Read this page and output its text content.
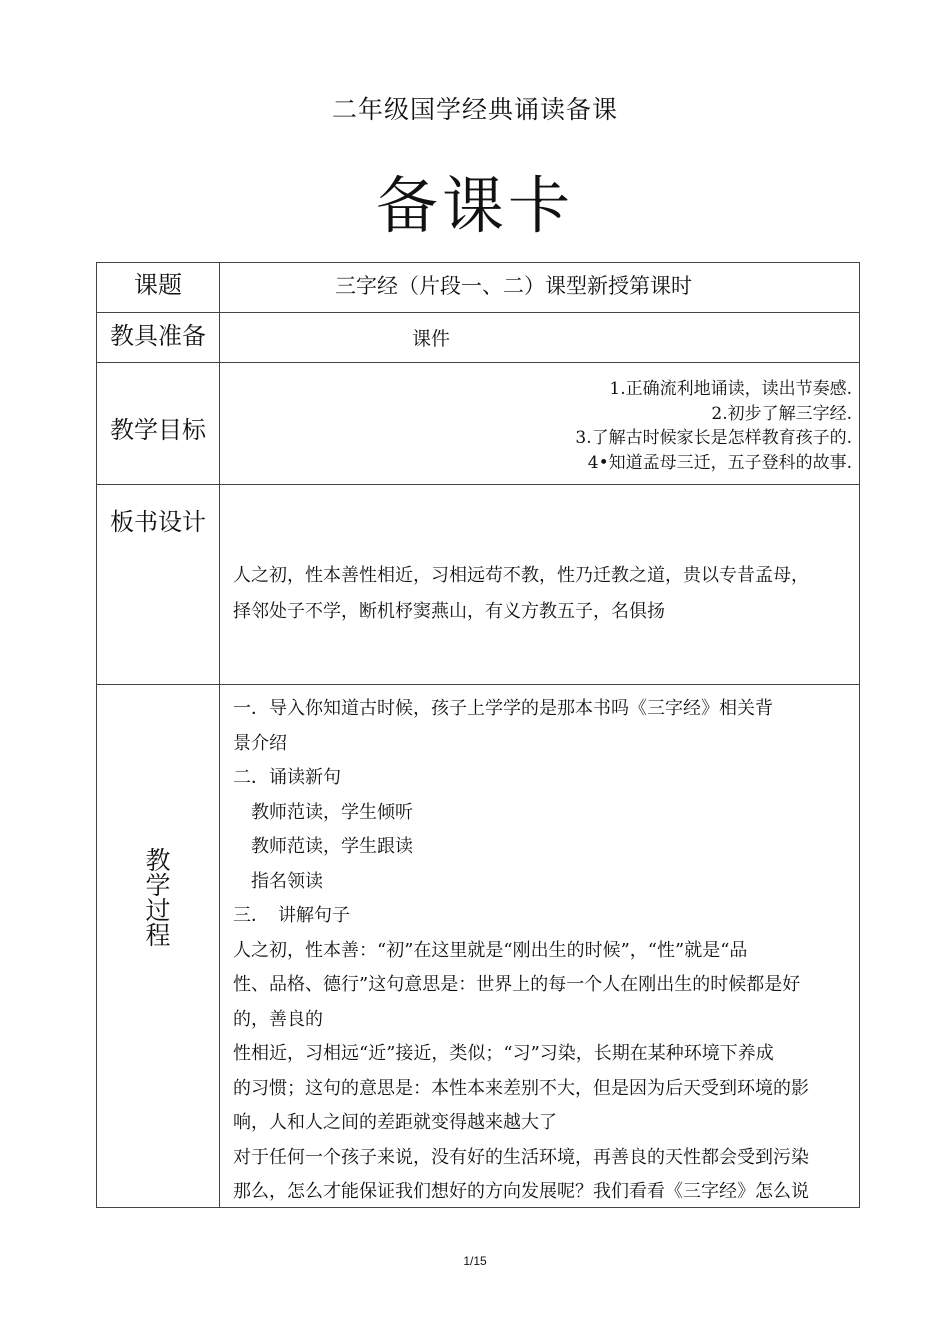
二年级国学经典诵读备课
备课卡
课题	三字经（片段一、二）课型新授第课时
教具准备	课件
教学目标
1.正确流利地诵读，读出节奏感.
2.初步了解三字经.
3.了解古时候家长是怎样教育孩子的.
4•知道孟母三迁，五子登科的故事.
板书设计
人之初，性本善性相近，习相远苟不教，性乃迁教之道，贵以专昔孟母，
择邻处子不学，断机杼窦燕山，有义方教五子，名俱扬
教
学
过
程
一．导入你知道古时候，孩子上学学的是那本书吗《三字经》相关背
景介绍
二．诵读新句
　教师范读，学生倾听
　教师范读，学生跟读
　指名领读
三．　讲解句子
人之初，性本善：“初”在这里就是“刚出生的时候”，“性”就是“品
性、品格、德行”这句意思是：世界上的每一个人在刚出生的时候都是好
的，善良的
性相近，习相远“近”接近，类似；“习”习染，长期在某种环境下养成
的习惯；这句的意思是：本性本来差别不大，但是因为后天受到环境的影
响，人和人之间的差距就变得越来越大了
对于任何一个孩子来说，没有好的生活环境，再善良的天性都会受到污染
那么，怎么才能保证我们想好的方向发展呢？我们看看《三字经》怎么说
1/15
